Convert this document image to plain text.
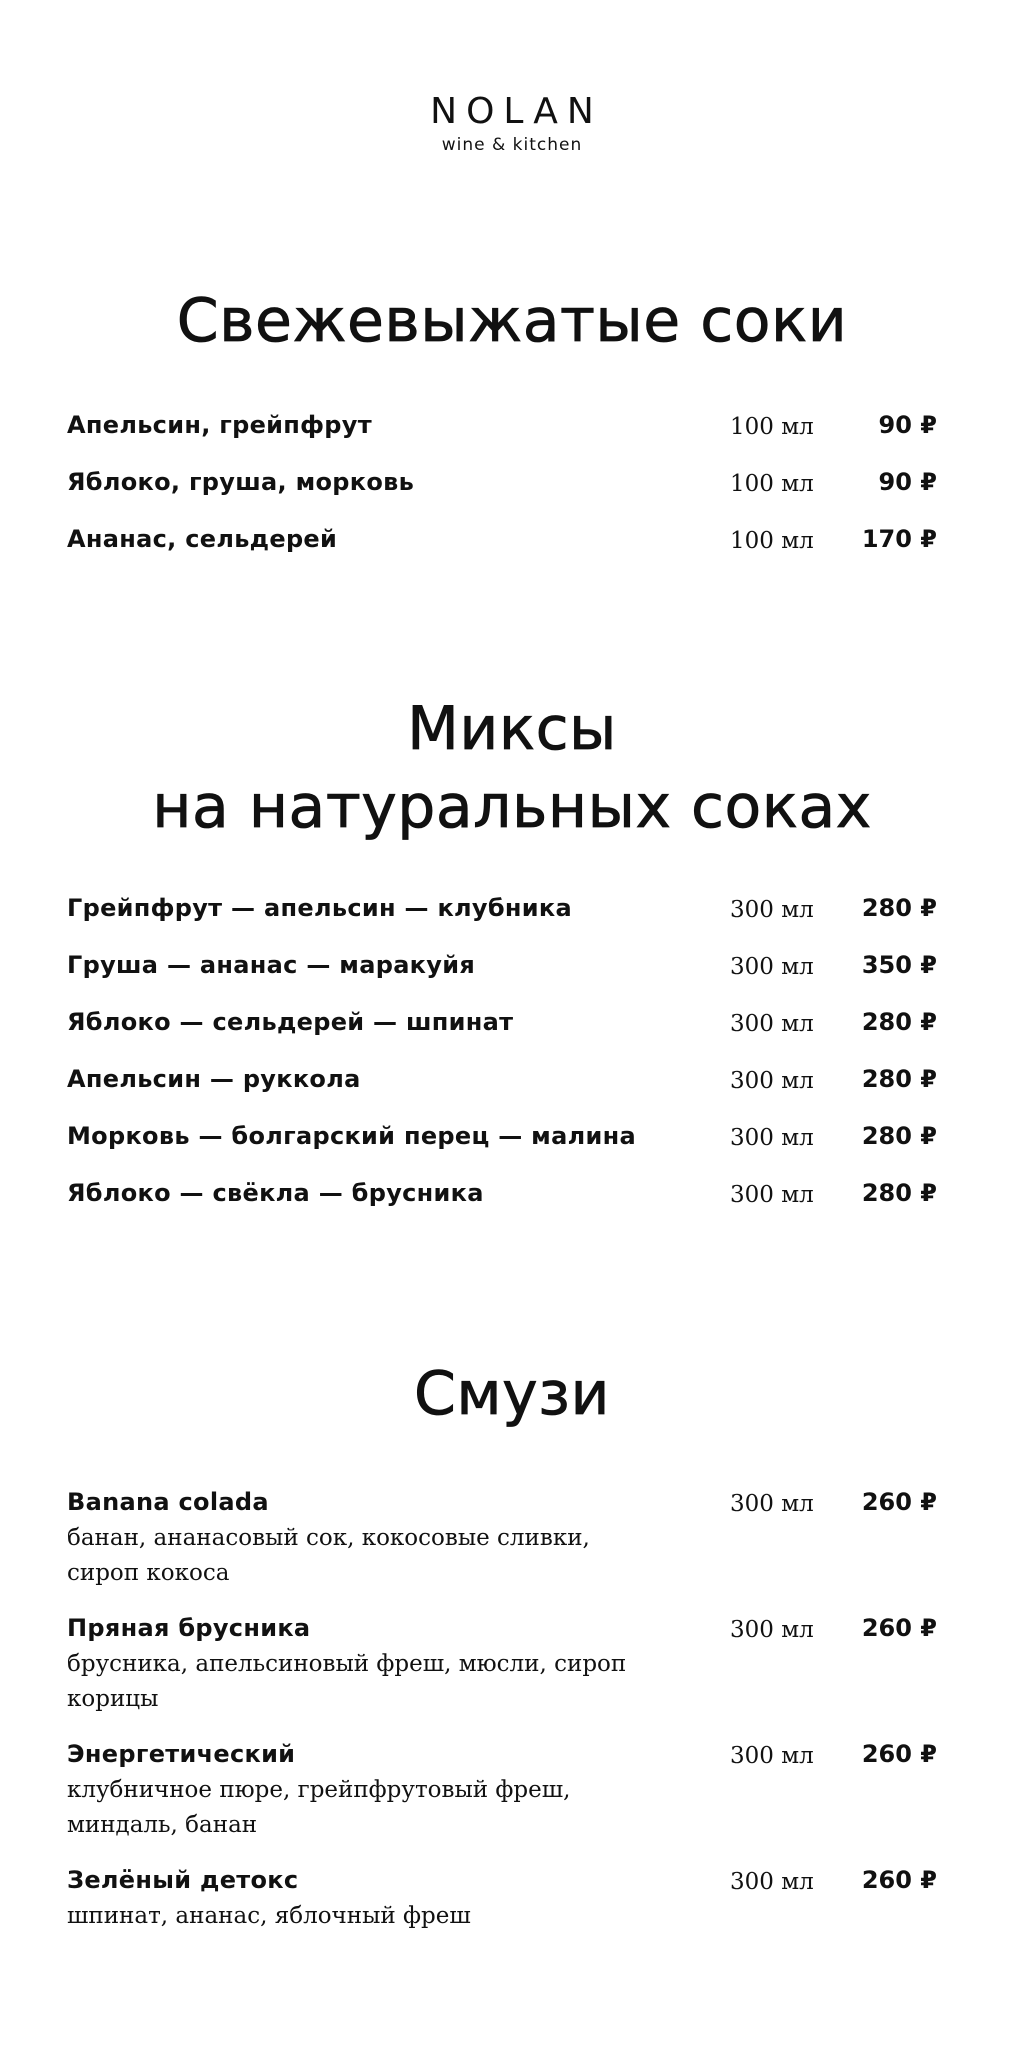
NOLAN
wine & kitchen
Свежевыжатые соки
Апельсин, грейпфрут	100 мл	90 ₽
Яблоко, груша, морковь	100 мл	90 ₽
Ананас, сельдерей	100 мл 170 ₽
Миксы
на натуральных соках
Грейпфрут — апельсин — клубника	300 мл 280 ₽
Груша — ананас — маракуйя	300 мл 350 ₽
Яблоко — сельдерей — шпинат	300 мл 280 ₽
Апельсин — руккола	300 мл 280 ₽
Морковь — болгарский перец — малина	300 мл 280 ₽
Яблоко — свёкла — брусника	300 мл 280 ₽
Смузи
Banana colada	300 мл 260 ₽
банан, ананасовый сок, кокосовые сливки, сироп кокоса
Пряная брусника	300 мл 260 ₽
брусника, апельсиновый фреш, мюсли, сироп корицы
Энергетический	300 мл 260 ₽
клубничное пюре, грейпфрутовый фреш, миндаль, банан
Зелёный детокс	300 мл 260 ₽
шпинат, ананас, яблочный фреш
